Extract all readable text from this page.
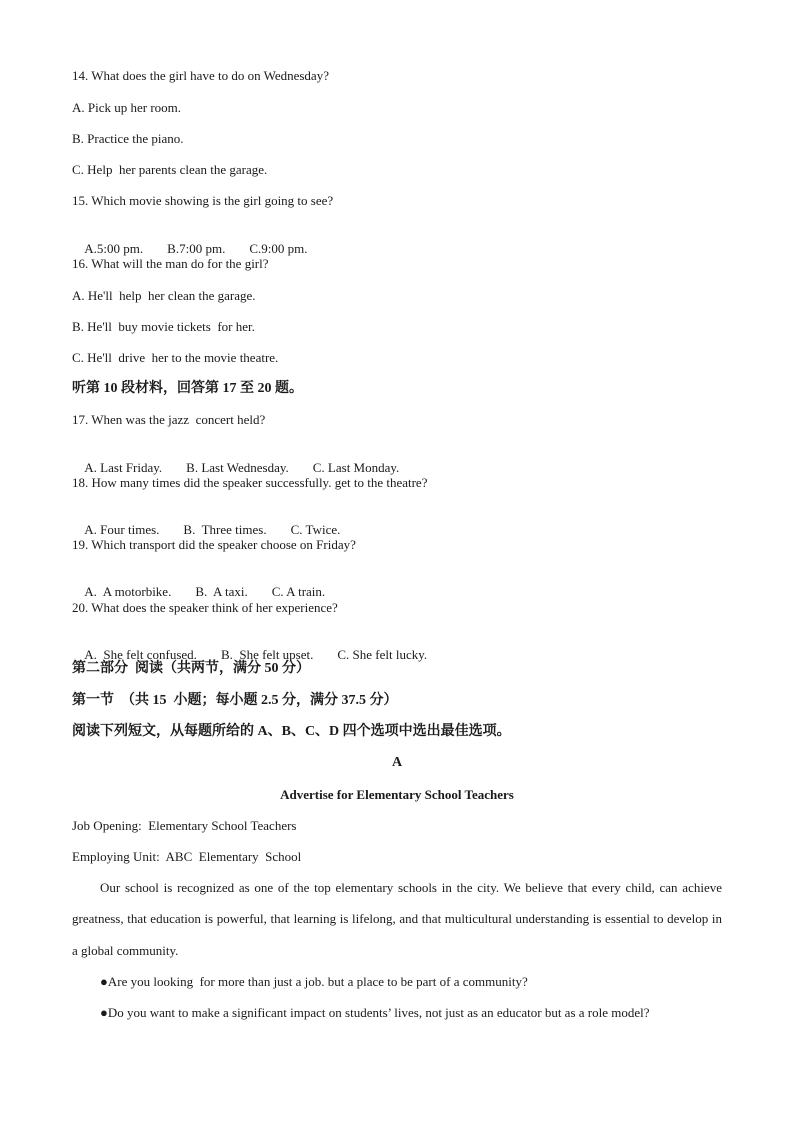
14. What does the girl have to do on Wednesday?
A. Pick up her room.
B. Practice the piano.
C. Help  her parents clean the garage.
15. Which movie showing is the girl going to see?

A.5:00 pm. B.7:00 pm. C.9:00 pm.

16. What will the man do for the girl?
A. He'll  help  her clean the garage.
B. He'll  buy movie tickets  for her.
C. He'll  drive  her to the movie theatre.
听第 10 段材料，回答第 17 至 20 题。
17. When was the jazz  concert held?

A. Last Friday. B. Last Wednesday. C. Last Monday.

18. How many times did the speaker successfully. get to the theatre?

A. Four times. B.  Three times. C. Twice.

19. Which transport did the speaker choose on Friday?

A.  A motorbike. B.  A taxi. C. A train.

20. What does the speaker think of her experience?

A.  She felt confused. B.  She felt upset. C. She felt lucky.

第二部分  阅读（共两节，满分 50 分）
第一节  （共 15  小题；每小题 2.5 分，满分 37.5 分）
阅读下列短文，从每题所给的 A、B、C、D 四个选项中选出最佳选项。
A
Advertise for Elementary School Teachers
Job Opening:  Elementary School Teachers
Employing Unit:  ABC  Elementary  School
Our school is recognized as one of the top elementary schools in the city. We believe that every child, can achieve greatness, that education is powerful, that learning is lifelong, and that multicultural understanding is essential to develop in a global community.
●Are you looking  for more than just a job. but a place to be part of a community?
●Do you want to make a significant impact on students’ lives, not just as an educator but as a role model?
